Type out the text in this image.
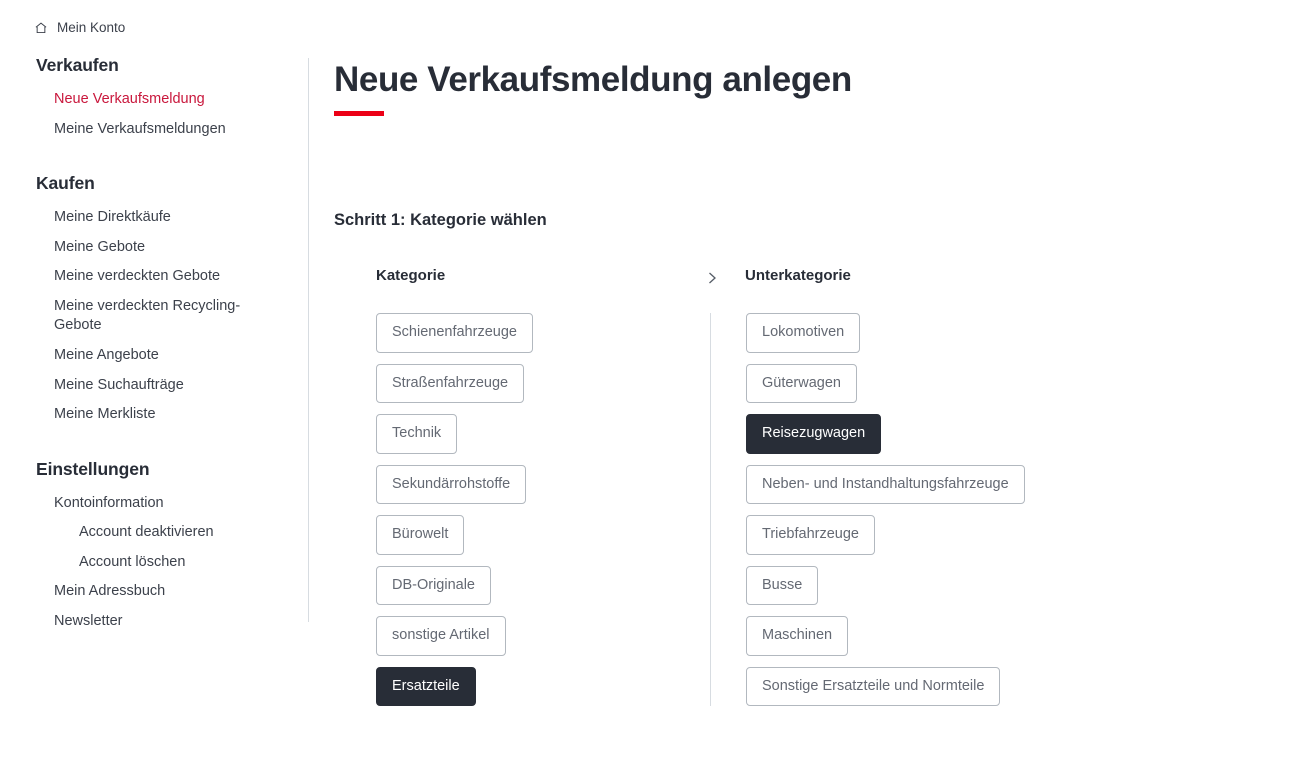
Mein Konto
Verkaufen
Neue Verkaufsmeldung
Meine Verkaufsmeldungen
Kaufen
Meine Direktkäufe
Meine Gebote
Meine verdeckten Gebote
Meine verdeckten Recycling-Gebote
Meine Angebote
Meine Suchaufträge
Meine Merkliste
Einstellungen
Kontoinformation
Account deaktivieren
Account löschen
Mein Adressbuch
Newsletter
Neue Verkaufsmeldung anlegen
Schritt 1: Kategorie wählen
Kategorie
Schienenfahrzeuge
Straßenfahrzeuge
Technik
Sekundärrohstoffe
Bürowelt
DB-Originale
sonstige Artikel
Ersatzteile
Unterkategorie
Lokomotiven
Güterwagen
Reisezugwagen
Neben- und Instandhaltungsfahrzeuge
Triebfahrzeuge
Busse
Maschinen
Sonstige Ersatzteile und Normteile
